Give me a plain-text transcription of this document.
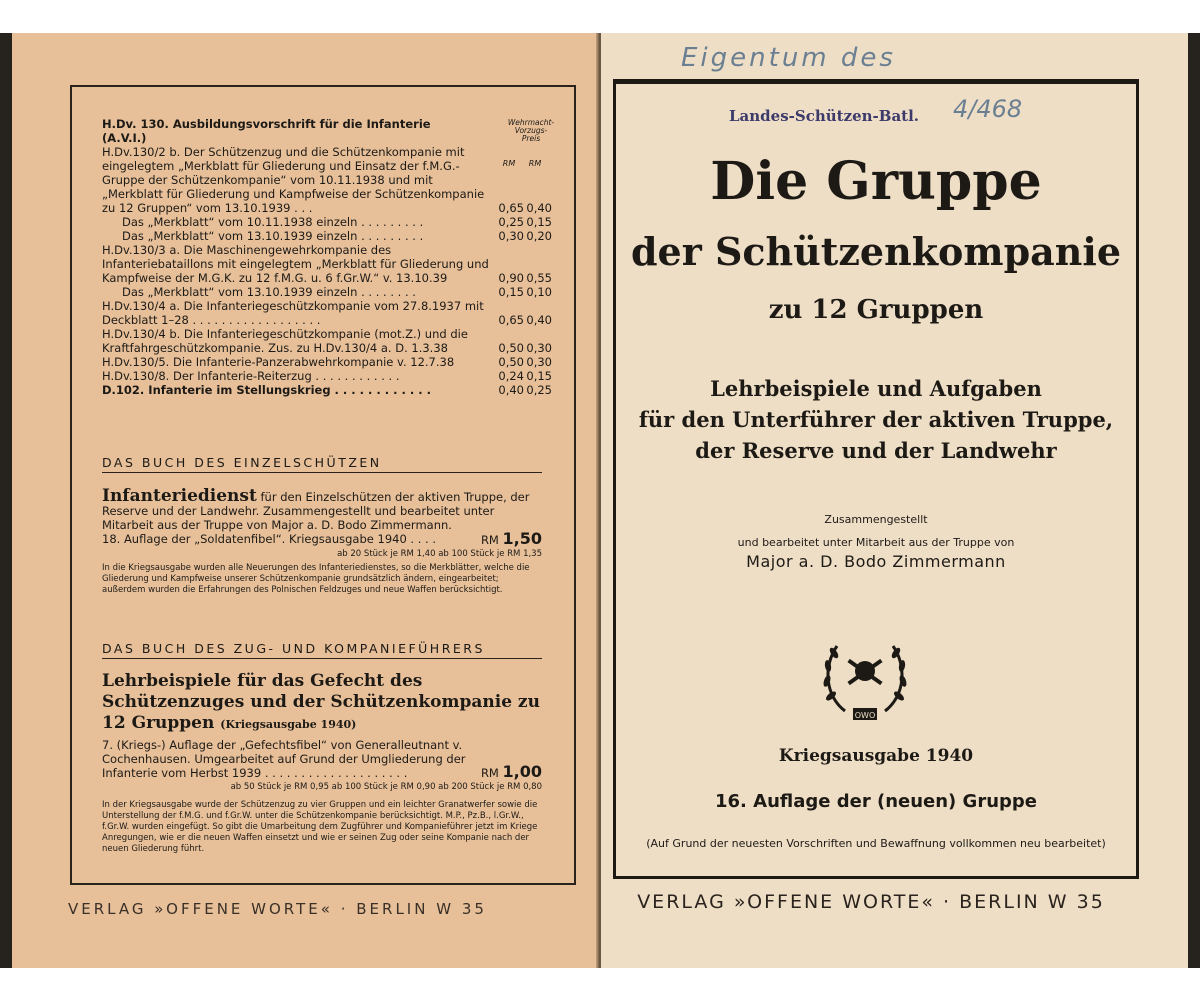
Wehrmacht-Vorzugs-Preis
RM RM
H.Dv. 130. Ausbildungsvorschrift für die Infanterie (A.V.I.)
H.Dv.130/2 b. Der Schützenzug und die Schützenkompanie mit eingelegtem „Merkblatt für Gliederung und Einsatz der f.M.G.-Gruppe der Schützenkompanie“ vom 10.11.1938 und mit „Merkblatt für Gliederung und Kampfweise der Schützenkompanie zu 12 Gruppen“ vom 13.10.1939 . . .	0,65 0,40
Das „Merkblatt“ vom 10.11.1938 einzeln . . . . . . . . .	0,25 0,15
Das „Merkblatt“ vom 13.10.1939 einzeln . . . . . . . . .	0,30 0,20
H.Dv.130/3 a. Die Maschinengewehrkompanie des Infanteriebataillons mit eingelegtem „Merkblatt für Gliederung und Kampfweise der M.G.K. zu 12 f.M.G. u. 6 f.Gr.W.“ v. 13.10.39	0,90 0,55
Das „Merkblatt“ vom 13.10.1939 einzeln . . . . . . . .	0,15 0,10
H.Dv.130/4 a. Die Infanteriegeschützkompanie vom 27.8.1937 mit Deckblatt 1–28 . . . . . . . . . . . . . . . . . .	0,65 0,40
H.Dv.130/4 b. Die Infanteriegeschützkompanie (mot.Z.) und die Kraftfahrgeschützkompanie. Zus. zu H.Dv.130/4 a. D. 1.3.38	0,50 0,30
H.Dv.130/5. Die Infanterie-Panzerabwehrkompanie v. 12.7.38	0,50 0,30
H.Dv.130/8. Der Infanterie-Reiterzug . . . . . . . . . . . .	0,24 0,15
D.102. Infanterie im Stellungskrieg . . . . . . . . . . . .	0,40 0,25
DAS BUCH DES EINZELSCHÜTZEN
Infanteriedienst für den Einzelschützen der aktiven Truppe, der Reserve und der Landwehr. Zusammengestellt und bearbeitet unter Mitarbeit aus der Truppe von Major a. D. Bodo Zimmermann.
18. Auflage der „Soldatenfibel“. Kriegsausgabe 1940 . . . .	RM 1,50
ab 20 Stück je RM 1,40 ab 100 Stück je RM 1,35
In die Kriegsausgabe wurden alle Neuerungen des Infanteriedienstes, so die Merkblätter, welche die Gliederung und Kampfweise unserer Schützenkompanie grundsätzlich ändern, eingearbeitet; außerdem wurden die Erfahrungen des Polnischen Feldzuges und neue Waffen berücksichtigt.
DAS BUCH DES ZUG- UND KOMPANIEFÜHRERS
Lehrbeispiele für das Gefecht des Schützenzuges und der Schützenkompanie zu 12 Gruppen (Kriegsausgabe 1940)
7. (Kriegs-) Auflage der „Gefechtsfibel“ von Generalleutnant v. Cochenhausen. Umgearbeitet auf Grund der Umgliederung der Infanterie vom Herbst 1939 . . . . . . . . . . . . . . . . . . . .	RM 1,00
ab 50 Stück je RM 0,95 ab 100 Stück je RM 0,90 ab 200 Stück je RM 0,80
In der Kriegsausgabe wurde der Schützenzug zu vier Gruppen und ein leichter Granatwerfer sowie die Unterstellung der f.M.G. und f.Gr.W. unter die Schützenkompanie berücksichtigt. M.P., Pz.B., l.Gr.W., f.Gr.W. wurden eingefügt. So gibt die Umarbeitung dem Zugführer und Kompanieführer jetzt im Kriege Anregungen, wie er die neuen Waffen einsetzt und wie er seinen Zug oder seine Kompanie nach der neuen Gliederung führt.
VERLAG »OFFENE WORTE« · BERLIN W 35
Eigentum des
Landes-Schützen-Batl. 4/468
Die Gruppe
der Schützenkompanie
zu 12 Gruppen
Lehrbeispiele und Aufgaben
für den Unterführer der aktiven Truppe,
der Reserve und der Landwehr
Zusammengestellt
und bearbeitet unter Mitarbeit aus der Truppe von
Major a. D. Bodo Zimmermann
OWO
Kriegsausgabe 1940
16. Auflage der (neuen) Gruppe
(Auf Grund der neuesten Vorschriften und Bewaffnung vollkommen neu bearbeitet)
VERLAG »OFFENE WORTE« · BERLIN W 35
